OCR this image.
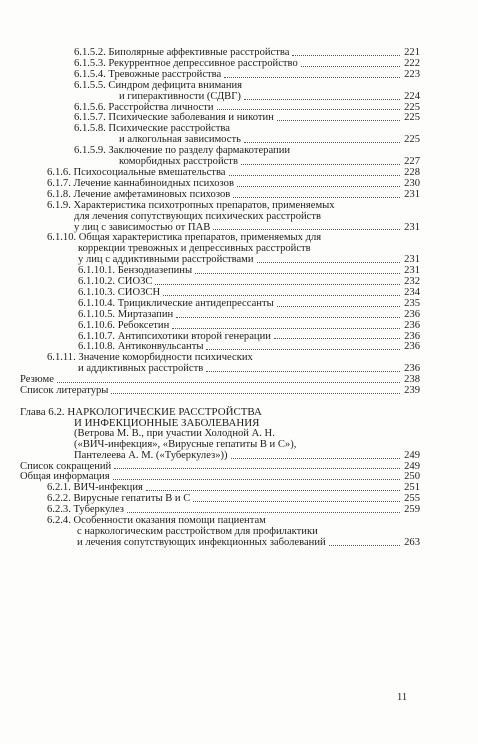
6.1.5.2. Биполярные аффективные расстройства	221
6.1.5.3. Рекуррентное депрессивное расстройство	222
6.1.5.4. Тревожные расстройства	223
6.1.5.5. Синдром дефицита внимания
и гиперактивности (СДВГ)	224
6.1.5.6. Расстройства личности	225
6.1.5.7. Психические заболевания и никотин	225
6.1.5.8. Психические расстройства
и алкогольная зависимость	225
6.1.5.9. Заключение по разделу фармакотерапии
коморбидных расстройств	227
6.1.6. Психосоциальные вмешательства	228
6.1.7. Лечение каннабиноидных психозов	230
6.1.8. Лечение амфетаминовых психозов	231
6.1.9. Характеристика психотропных препаратов, применяемых
для лечения сопутствующих психических расстройств
у лиц с зависимостью от ПАВ	231
6.1.10. Общая характеристика препаратов, применяемых для
коррекции тревожных и депрессивных расстройств
у лиц с аддиктивными расстройствами	231
6.1.10.1. Бензодиазепины	231
6.1.10.2. СИОЗС	232
6.1.10.3. СИОЗСН	234
6.1.10.4. Трициклические антидепрессанты	235
6.1.10.5. Миртазапин	236
6.1.10.6. Ребоксетин	236
6.1.10.7. Антипсихотики второй генерации	236
6.1.10.8. Антиконвульсанты	236
6.1.11. Значение коморбидности психических
и аддиктивных расстройств	236
Резюме	238
Список литературы	239
Глава 6.2. НАРКОЛОГИЧЕСКИЕ РАССТРОЙСТВА
И ИНФЕКЦИОННЫЕ ЗАБОЛЕВАНИЯ
(Ветрова М. В., при участии Холодной А. Н.
(«ВИЧ-инфекция», «Вирусные гепатиты В и С»),
Пантелеева А. М. («Туберкулез»))	249
Список сокращений	249
Общая информация	250
6.2.1. ВИЧ-инфекция	251
6.2.2. Вирусные гепатиты В и С	255
6.2.3. Туберкулез	259
6.2.4. Особенности оказания помощи пациентам
с наркологическим расстройством для профилактики
и лечения сопутствующих инфекционных заболеваний	263
11
